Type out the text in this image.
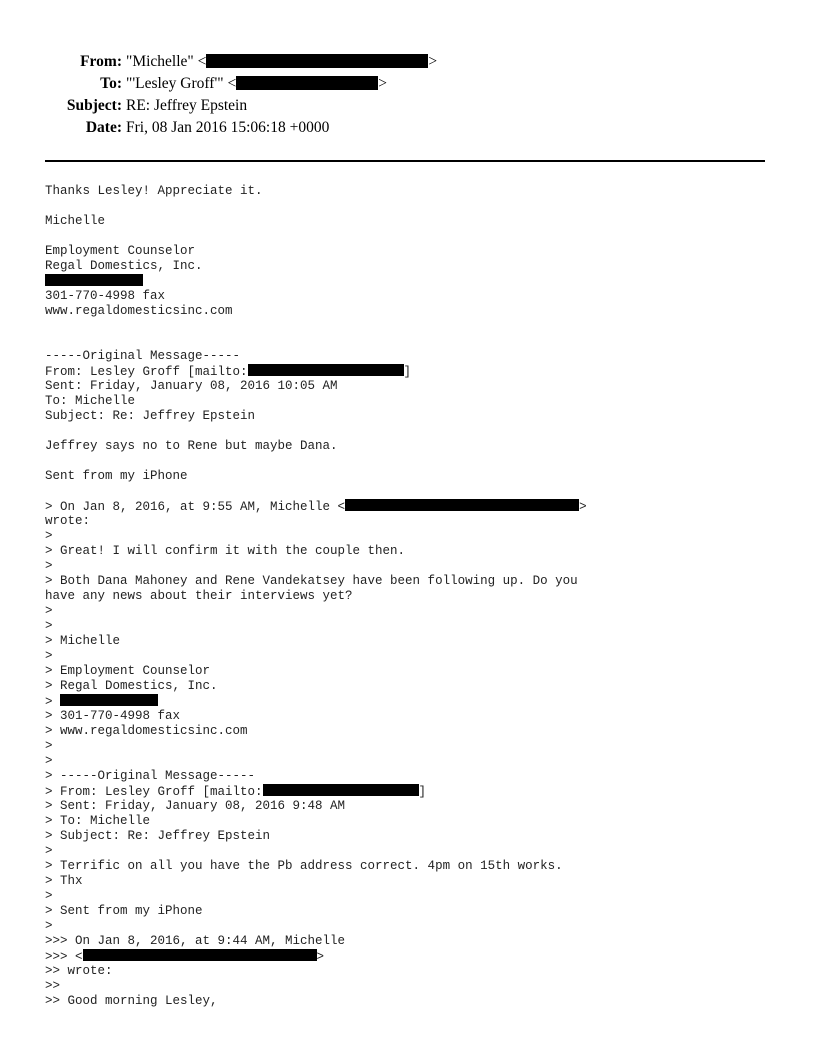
From: "Michelle" <	>
To: "'Lesley Groff'" <	>
Subject: RE: Jeffrey Epstein
Date: Fri, 08 Jan 2016 15:06:18 +0000
Thanks Lesley! Appreciate it.
Michelle
Employment Counselor
Regal Domestics, Inc.
301-770-4998 fax
www.regaldomesticsinc.com
-----Original Message-----
From: Lesley Groff [mailto:	]
Sent: Friday, January 08, 2016 10:05 AM
To: Michelle
Subject: Re: Jeffrey Epstein
Jeffrey says no to Rene but maybe Dana.
Sent from my iPhone
> On Jan 8, 2016, at 9:55 AM, Michelle <	>
wrote:
>
> Great! I will confirm it with the couple then.
>
> Both Dana Mahoney and Rene Vandekatsey have been following up. Do you
have any news about their interviews yet?
>
>
> Michelle
>
> Employment Counselor
> Regal Domestics, Inc.
>
> 301-770-4998 fax
> www.regaldomesticsinc.com
>
>
> -----Original Message-----
> From: Lesley Groff [mailto:	]
> Sent: Friday, January 08, 2016 9:48 AM
> To: Michelle
> Subject: Re: Jeffrey Epstein
>
> Terrific on all you have the Pb address correct. 4pm on 15th works.
> Thx
>
> Sent from my iPhone
>
>>> On Jan 8, 2016, at 9:44 AM, Michelle
>>> <	>
>> wrote:
>>
>> Good morning Lesley,
